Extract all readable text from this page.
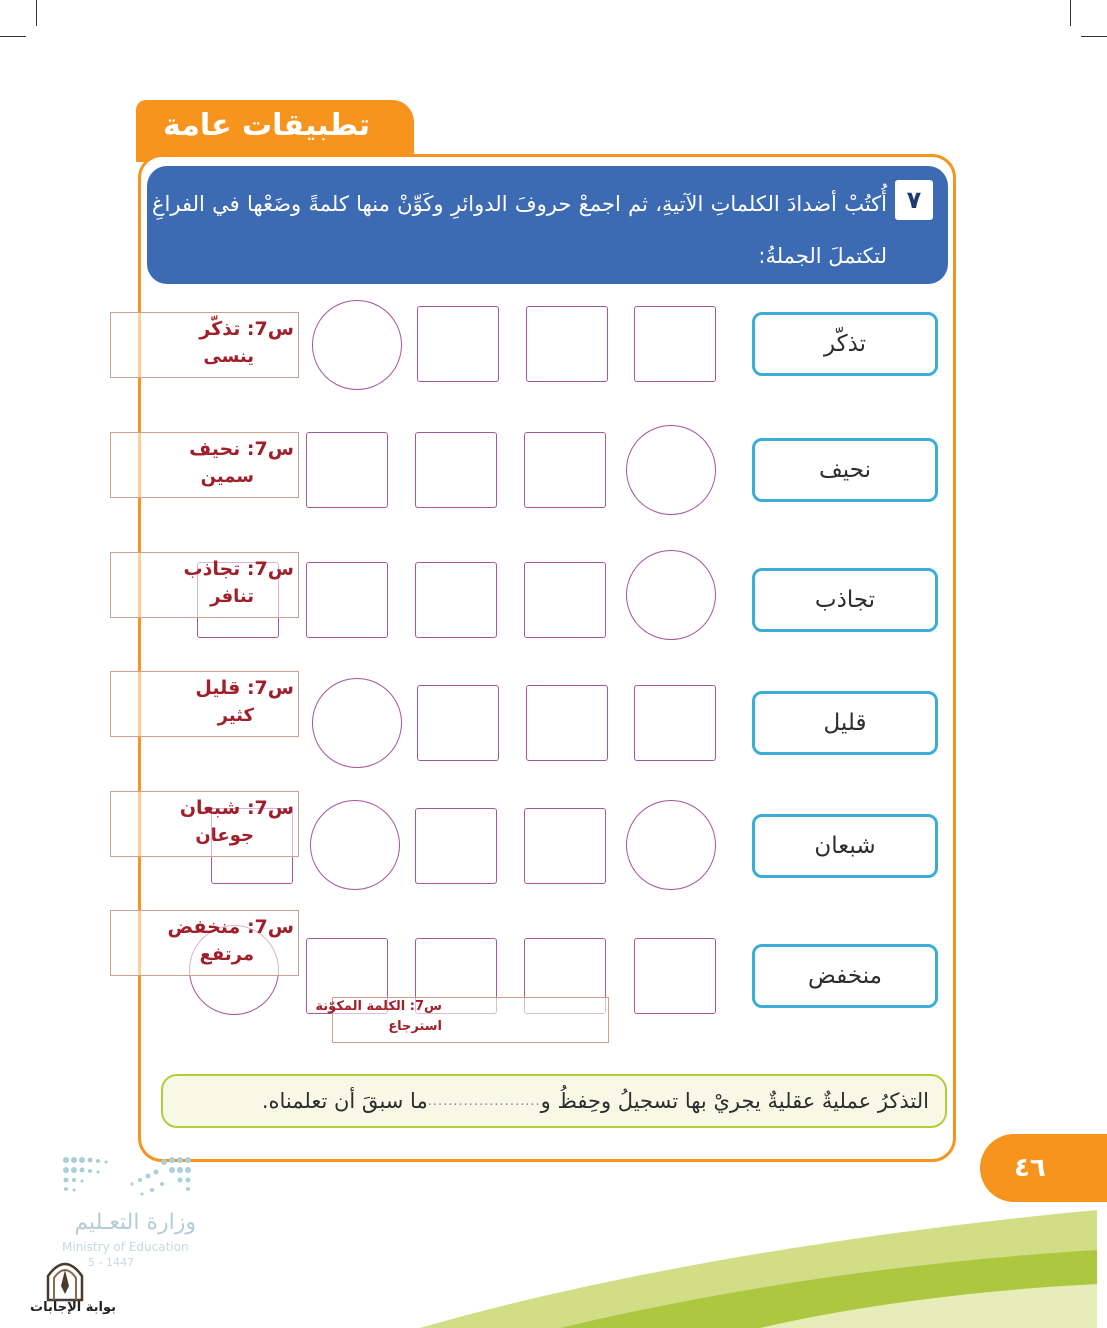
تطبيقات عامة
٧
أُكتُبْ أضدادَ الكلماتِ الآتيةِ، ثم اجمعْ حروفَ الدوائرِ وكَوِّنْ منها كلمةً وضَعْها في الفراغِ لتكتملَ الجملةُ:
تذكّر
نحيف
تجاذب
قليل
شبعان
منخفض
س7: تذكّر
ينسى
س7: نحيف
سمين
س7: تجاذب
تنافر
س7: قليل
كثير
س7: شبعان
جوعان
س7: منخفض
مرتفع
س7: الكلمة المكوّنة
استرجاع
التذكرُ عمليةٌ عقليةٌ يجريْ بها تسجيلُ وحِفظُ و
......................
ما سبقَ أن تعلمناه.
٤٦
وزارة التعـليم
Ministry of Education
5 - 1447
بوابة الإجابات
